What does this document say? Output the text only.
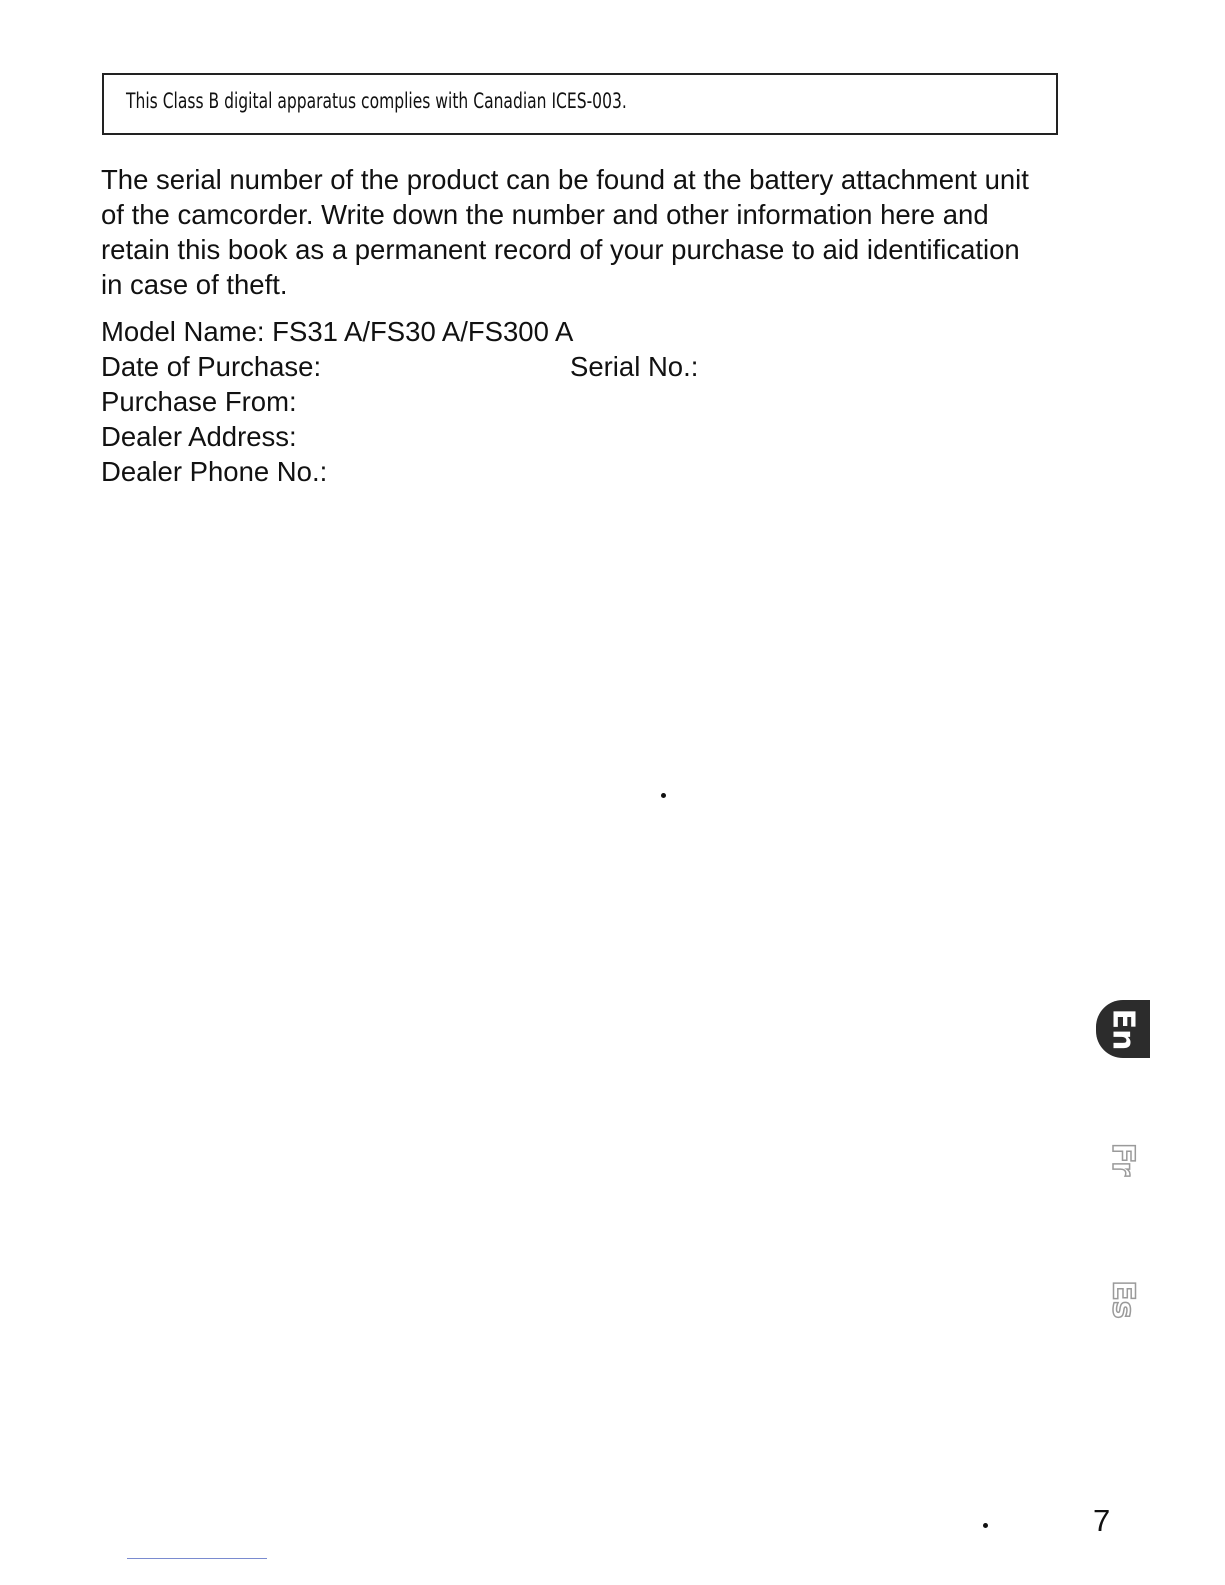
This Class B digital apparatus complies with Canadian ICES-003.

The serial number of the product can be found at the battery attachment unit
of the camcorder. Write down the number and other information here and
retain this book as a permanent record of your purchase to aid identification
in case of theft.

Model Name: FS31 A/FS30 A/FS300 A
Date of Purchase:	Serial No.:
Purchase From:
Dealer Address:
Dealer Phone No.:
En
Fr
Es
7
